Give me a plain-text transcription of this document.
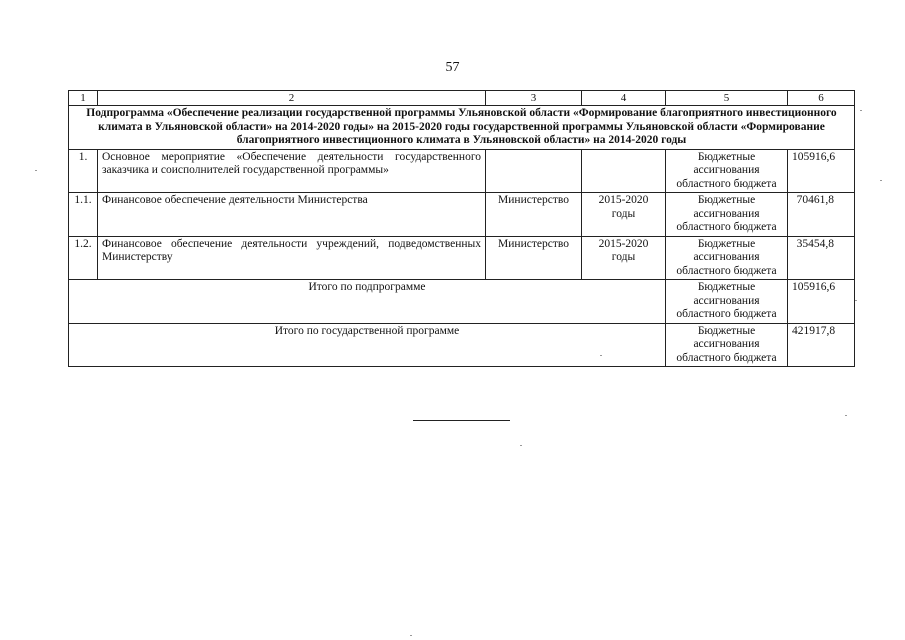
57
1	2	3	4	5	6
Подпрограмма «Обеспечение реализации государственной программы Ульяновской области «Формирование благоприятного инвестиционного климата в Ульяновской области» на 2014-2020 годы» на 2015-2020 годы государственной программы Ульяновской области «Формирование благоприятного инвестиционного климата в Ульяновской области» на 2014-2020 годы					
1.	Основное мероприятие «Обеспечение деятельности государственного заказчика и соисполнителей государственной программы»			Бюджетные ассигнования областного бюджета	105916,6
1.1.	Финансовое обеспечение деятельности Министерства	Министерство	2015-2020 годы	Бюджетные ассигнования областного бюджета	70461,8
1.2.	Финансовое обеспечение деятельности учреждений, подведомственных Министерству	Министерство	2015-2020 годы	Бюджетные ассигнования областного бюджета	35454,8
Итого по подпрограмме				Бюджетные ассигнования областного бюджета	105916,6
Итого по государственной программе				Бюджетные ассигнования областного бюджета	421917,8
